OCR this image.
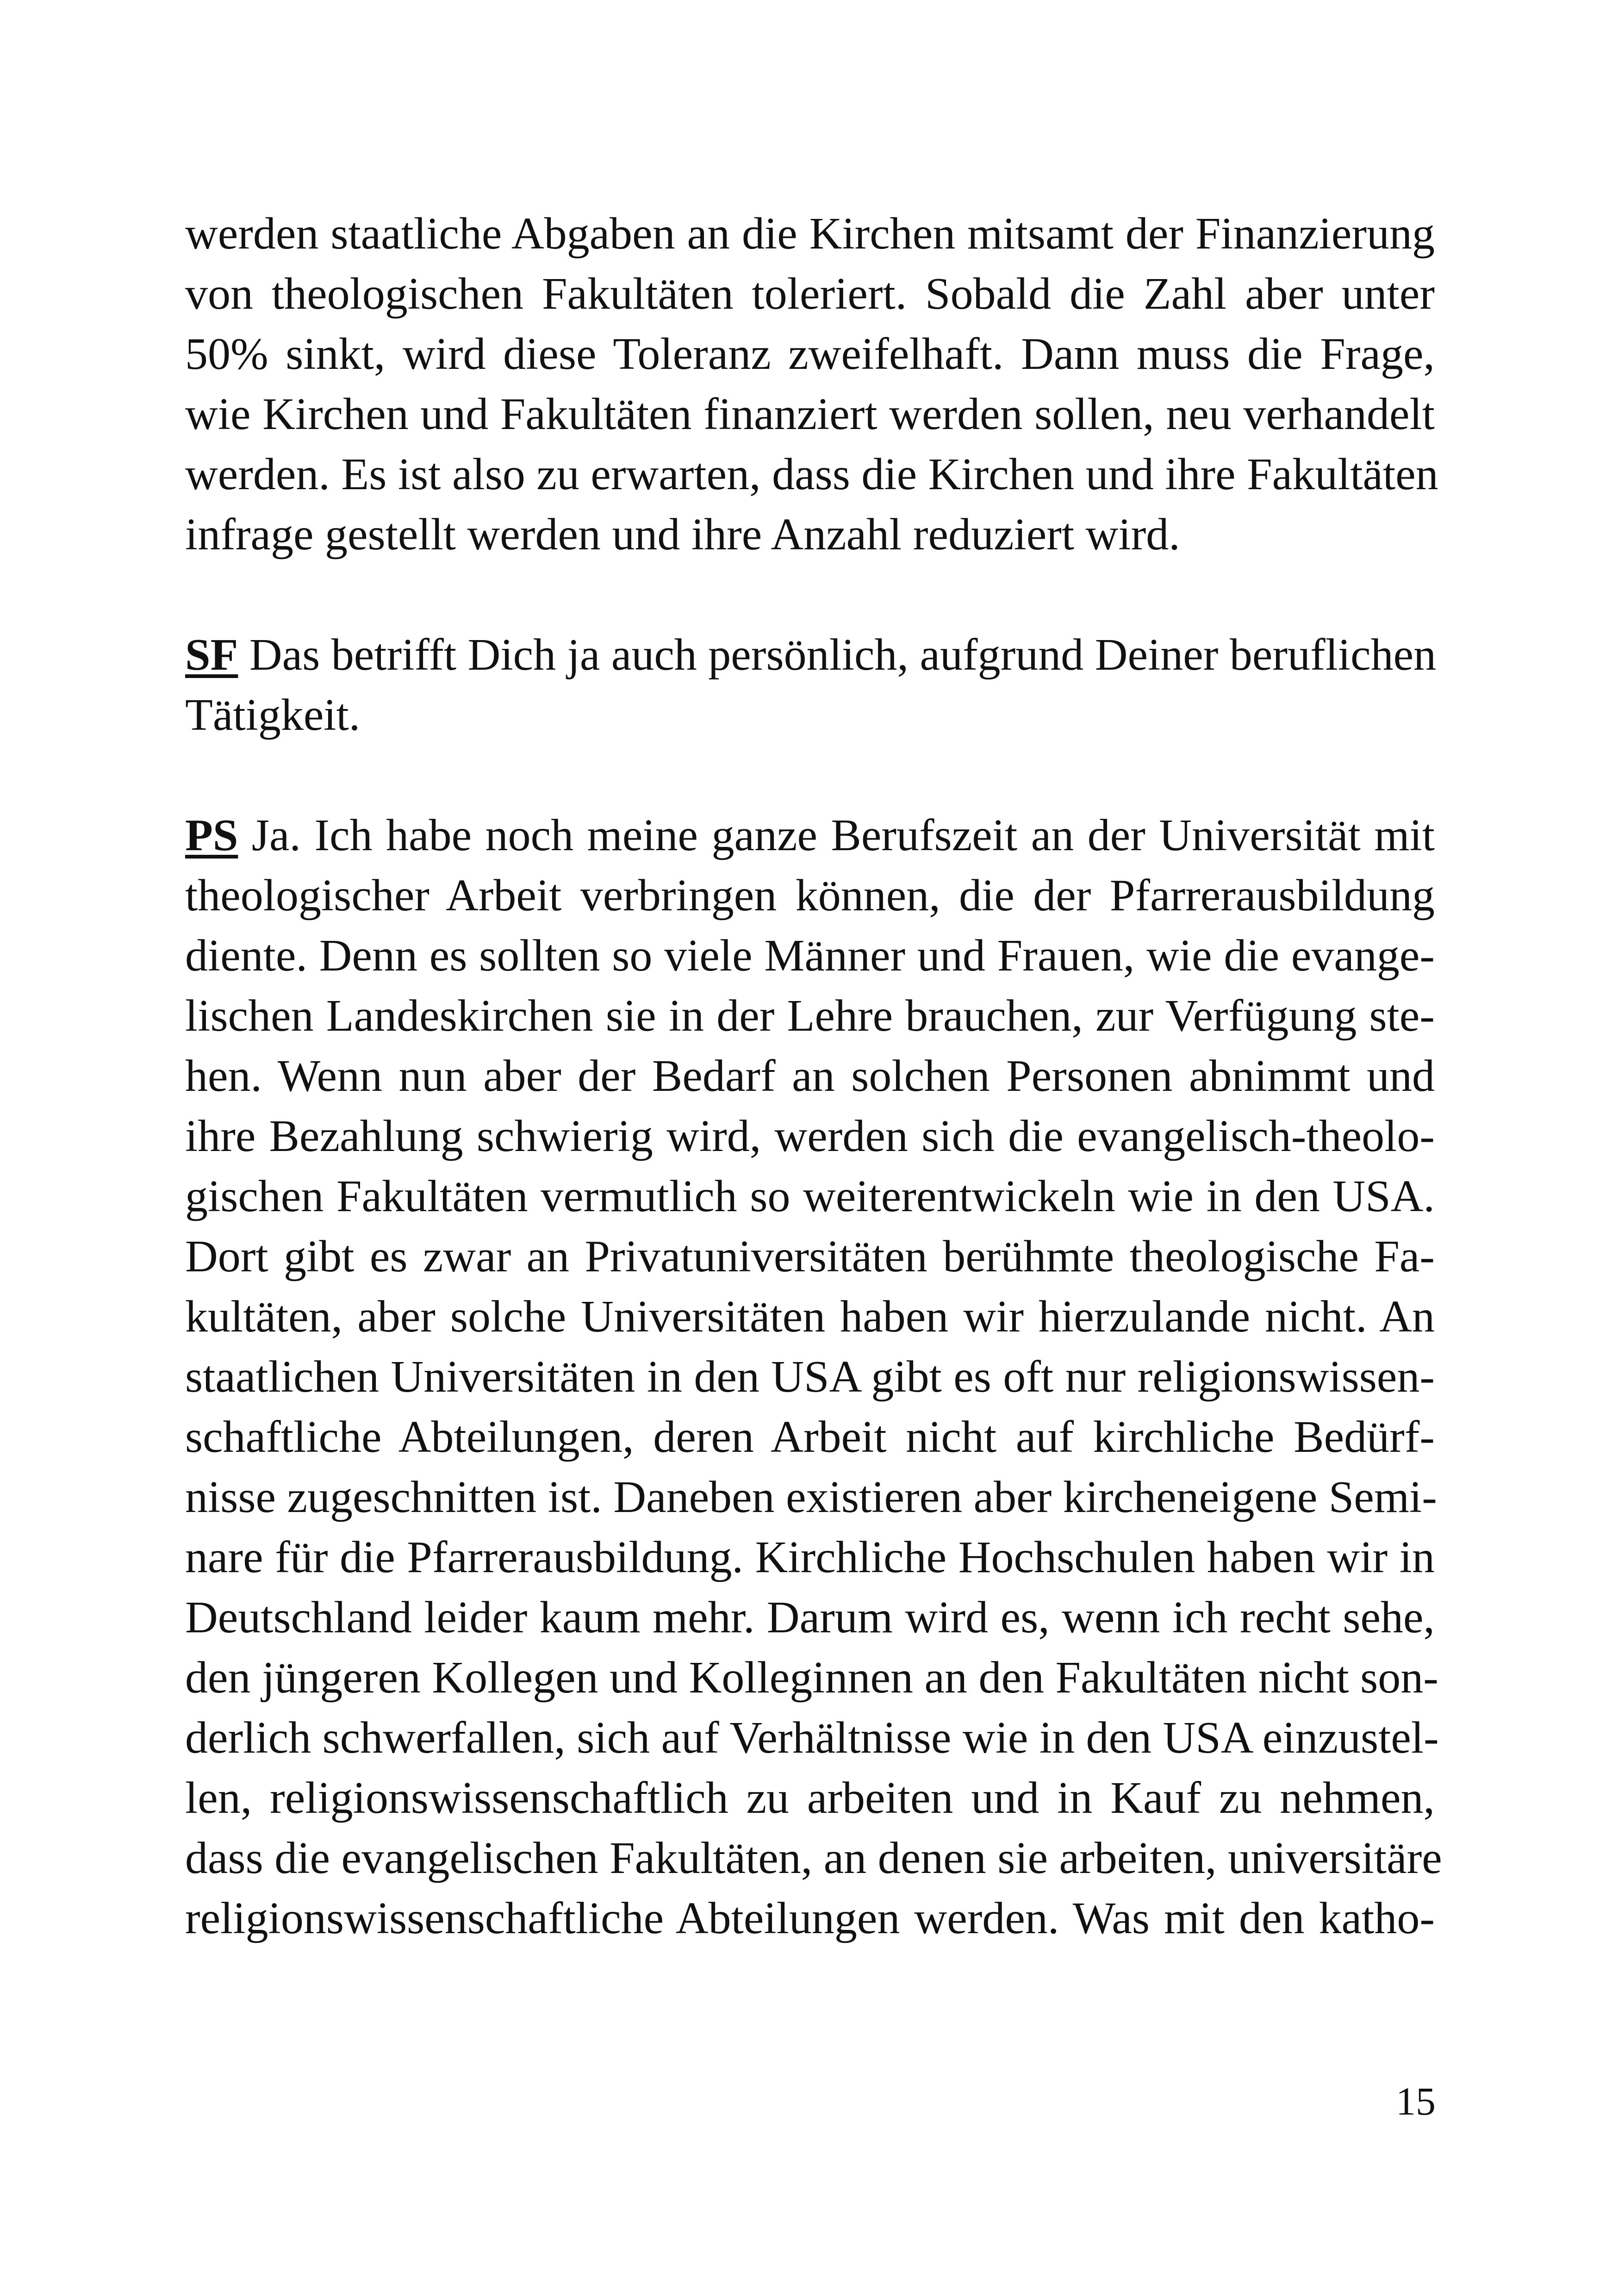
werden staatliche Abgaben an die Kirchen mitsamt der Finanzierung
von theologischen Fakultäten toleriert. Sobald die Zahl aber unter
50% sinkt, wird diese Toleranz zweifelhaft. Dann muss die Frage,
wie Kirchen und Fakultäten finanziert werden sollen, neu verhandelt
werden. Es ist also zu erwarten, dass die Kirchen und ihre Fakultäten
infrage gestellt werden und ihre Anzahl reduziert wird.
SF Das betrifft Dich ja auch persönlich, aufgrund Deiner beruflichen
Tätigkeit.
PS Ja. Ich habe noch meine ganze Berufszeit an der Universität mit
theologischer Arbeit verbringen können, die der Pfarrerausbildung
diente. Denn es sollten so viele Männer und Frauen, wie die evange-
lischen Landeskirchen sie in der Lehre brauchen, zur Verfügung ste-
hen. Wenn nun aber der Bedarf an solchen Personen abnimmt und
ihre Bezahlung schwierig wird, werden sich die evangelisch-theolo-
gischen Fakultäten vermutlich so weiterentwickeln wie in den USA.
Dort gibt es zwar an Privatuniversitäten berühmte theologische Fa-
kultäten, aber solche Universitäten haben wir hierzulande nicht. An
staatlichen Universitäten in den USA gibt es oft nur religionswissen-
schaftliche Abteilungen, deren Arbeit nicht auf kirchliche Bedürf-
nisse zugeschnitten ist. Daneben existieren aber kircheneigene Semi-
nare für die Pfarrerausbildung. Kirchliche Hochschulen haben wir in
Deutschland leider kaum mehr. Darum wird es, wenn ich recht sehe,
den jüngeren Kollegen und Kolleginnen an den Fakultäten nicht son-
derlich schwerfallen, sich auf Verhältnisse wie in den USA einzustel-
len, religionswissenschaftlich zu arbeiten und in Kauf zu nehmen,
dass die evangelischen Fakultäten, an denen sie arbeiten, universitäre
religionswissenschaftliche Abteilungen werden. Was mit den katho-
15
